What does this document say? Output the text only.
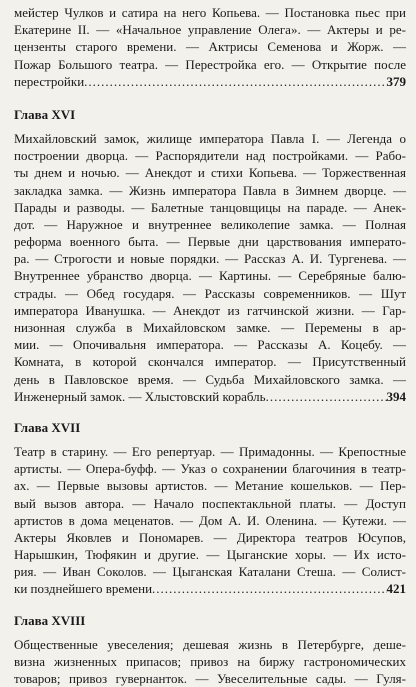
мейстер Чулков и сатира на него Копьева. — Постановка пьес при
Екатерине II. — «Начальное управление Олега». — Актеры и ре-
цензенты старого времени. — Актрисы Семенова и Жорж. —
Пожар Большого театра. — Перестройка его. — Открытие после
перестройки .....	379
Глава XVI
Михайловский замок, жилище императора Павла I. — Легенда о
построении дворца. — Распорядители над постройками. — Рабо-
ты днем и ночью. — Анекдот и стихи Копьева. — Торжественная
закладка замка. — Жизнь императора Павла в Зимнем дворце. —
Парады и разводы. — Балетные танцовщицы на параде. — Анек-
дот. — Наружное и внутреннее великолепие замка. — Полная
реформа военного быта. — Первые дни царствования императо-
ра. — Строгости и новые порядки. — Рассказ А. И. Тургенева. —
Внутреннее убранство дворца. — Картины. — Серебряные балю-
страды. — Обед государя. — Рассказы современников. — Шут
императора Иванушка. — Анекдот из гатчинской жизни. — Гар-
низонная служба в Михайловском замке. — Перемены в ар-
мии. — Опочивальня императора. — Рассказы А. Коцебу. —
Комната, в которой скончался император. — Присутственный
день в Павловское время. — Судьба Михайловского замка. —
Инженерный замок. — Хлыстовский корабль .....	394
Глава XVII
Театр в старину. — Его репертуар. — Примадонны. — Крепостные
артисты. — Опера-буфф. — Указ о сохранении благочиния в театр-
ах. — Первые вызовы артистов. — Метание кошельков. — Пер-
вый вызов автора. — Начало поспектакльной платы. — Доступ
артистов в дома меценатов. — Дом А. И. Оленина. — Кутежи. —
Актеры Яковлев и Пономарев. — Директора театров Юсупов,
Нарышкин, Тюфякин и другие. — Цыганские хоры. — Их исто-
рия. — Иван Соколов. — Цыганская Каталани Стеша. — Солист-
ки позднейшего времени .....	421
Глава XVIII
Общественные увеселения; дешевая жизнь в Петербурге, деше-
визна жизненных припасов; привоз на биржу гастрономических
товаров; привоз гувернанток. — Увеселительные сады. — Гуля-
